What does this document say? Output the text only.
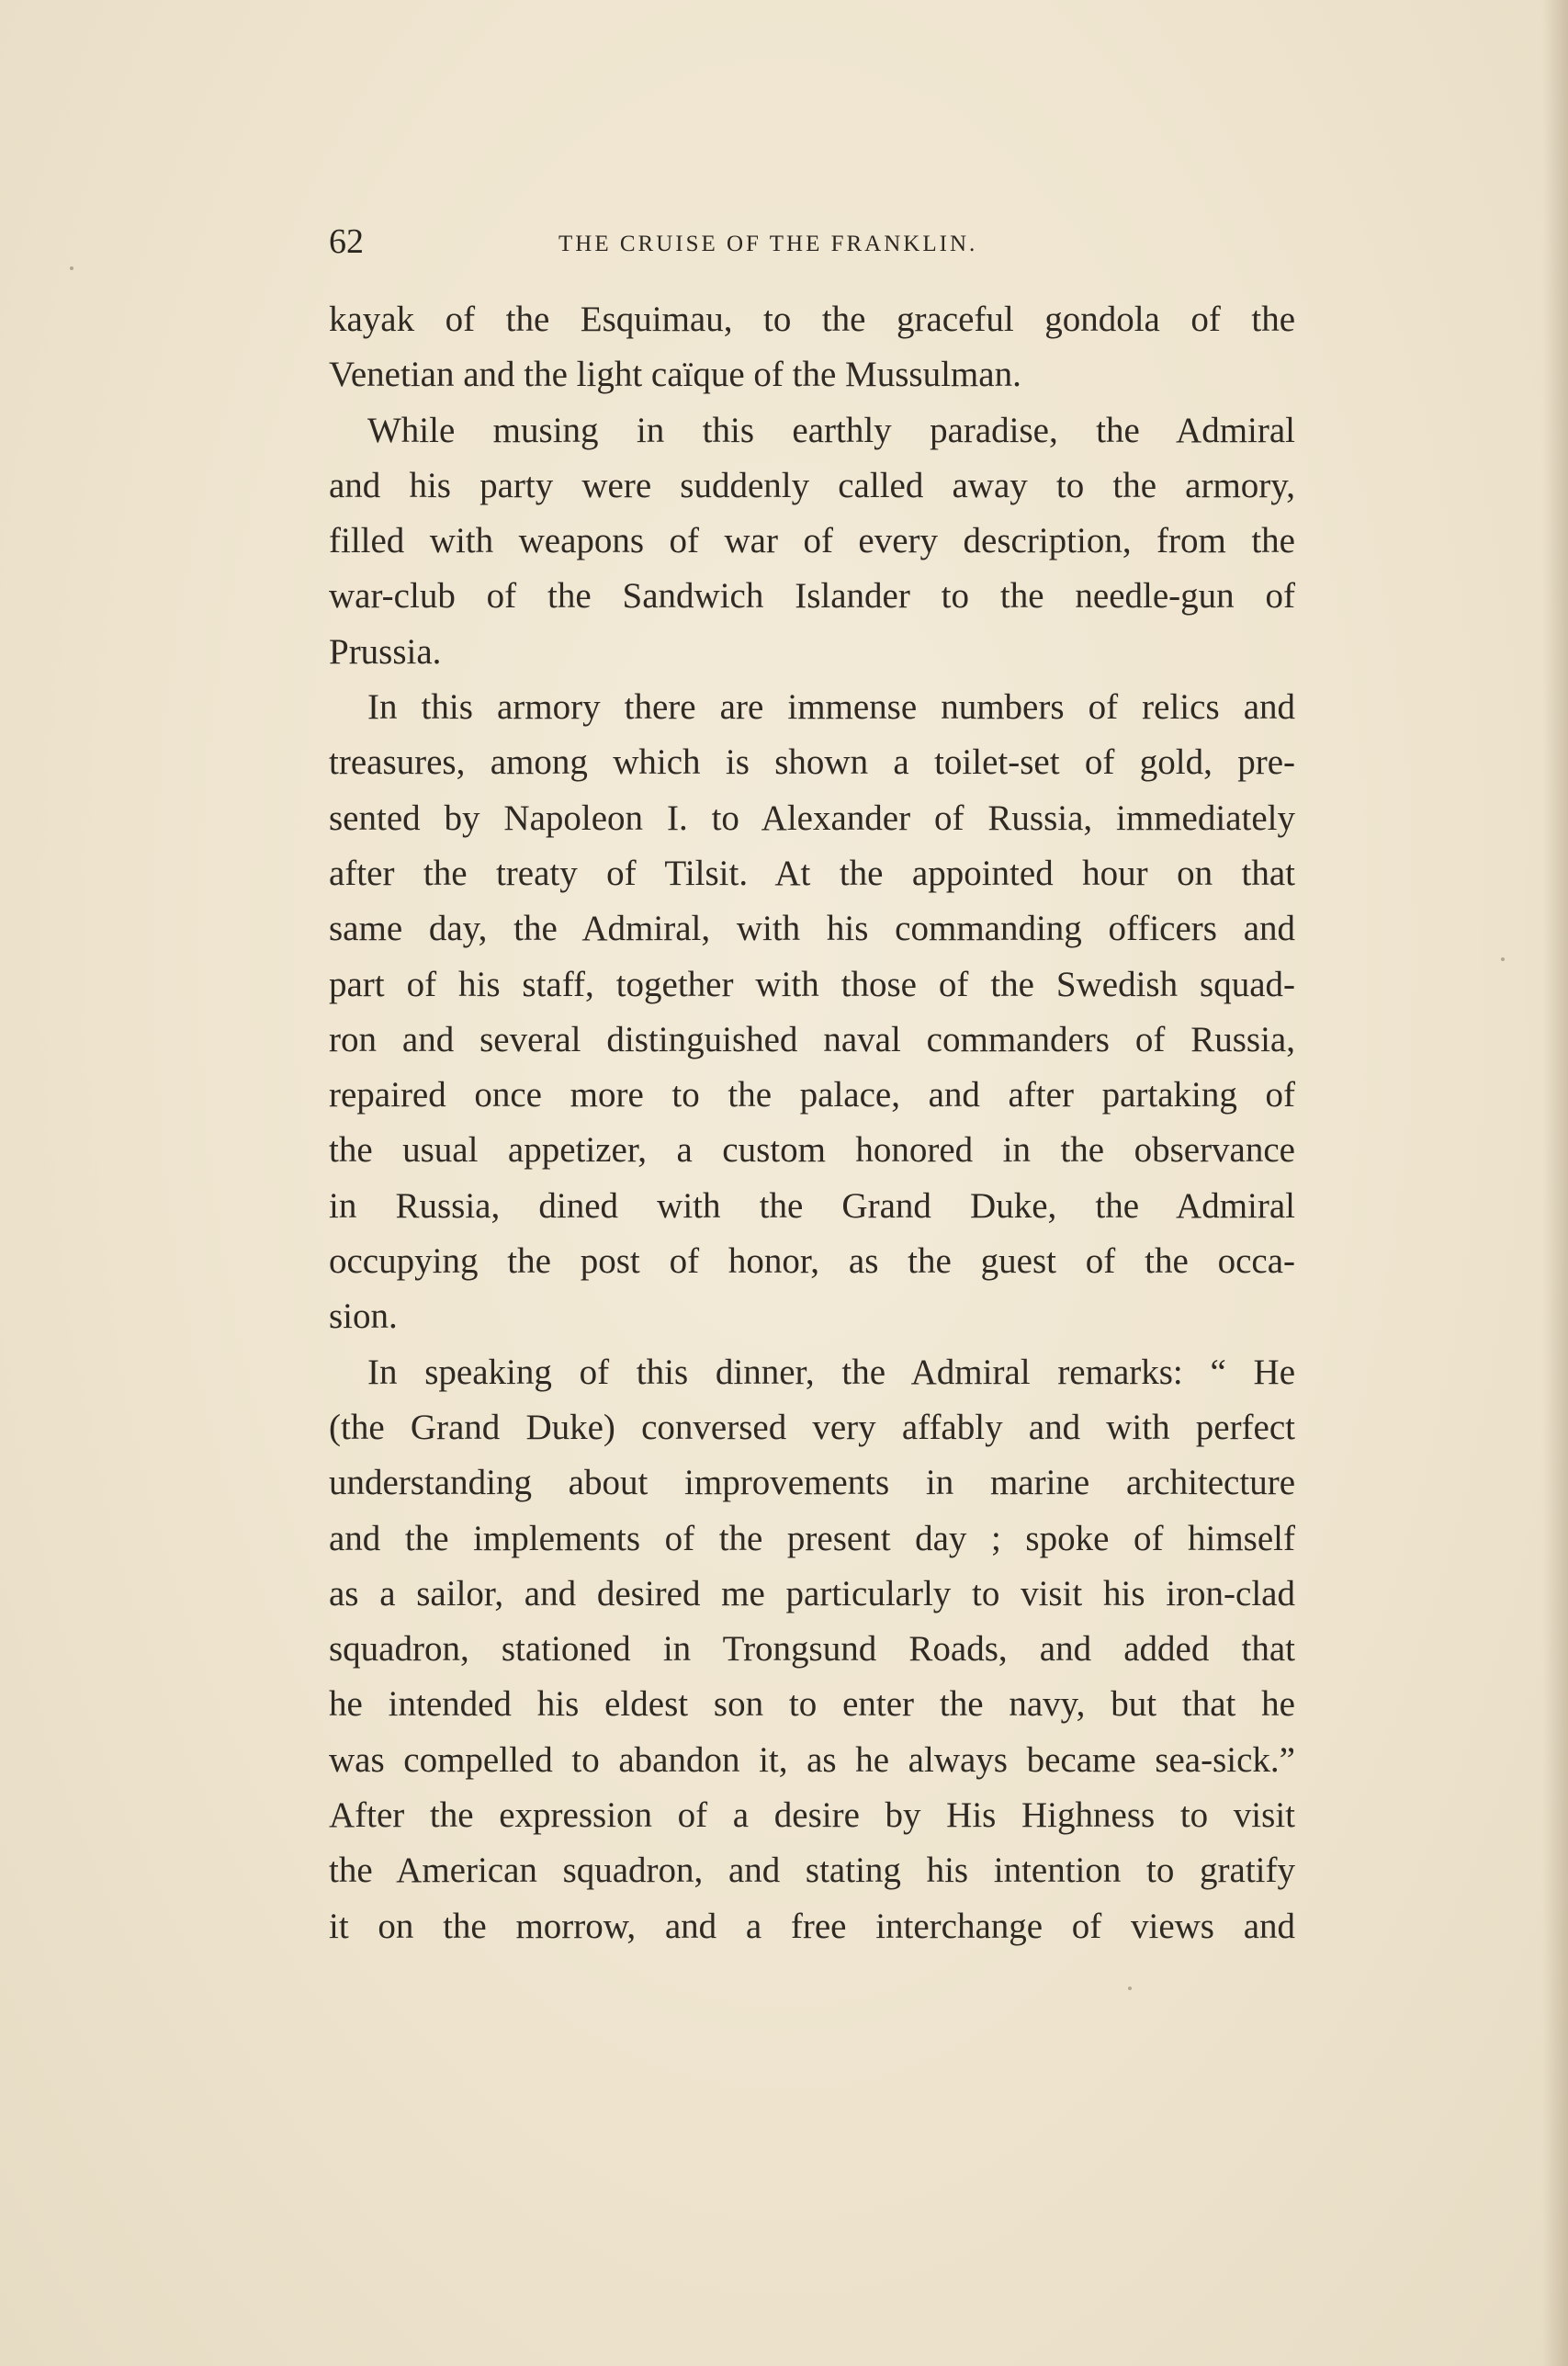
62	THE CRUISE OF THE FRANKLIN.
kayak of the Esquimau, to the graceful gondola of the
Venetian and the light caïque of the Mussulman.
While musing in this earthly paradise, the Admiral
and his party were suddenly called away to the armory,
filled with weapons of war of every description, from the
war-club of the Sandwich Islander to the needle-gun of
Prussia.
In this armory there are immense numbers of relics and
treasures, among which is shown a toilet-set of gold, pre-
sented by Napoleon I. to Alexander of Russia, immediately
after the treaty of Tilsit. At the appointed hour on that
same day, the Admiral, with his commanding officers and
part of his staff, together with those of the Swedish squad-
ron and several distinguished naval commanders of Russia,
repaired once more to the palace, and after partaking of
the usual appetizer, a custom honored in the observance
in Russia, dined with the Grand Duke, the Admiral
occupying the post of honor, as the guest of the occa-
sion.
In speaking of this dinner, the Admiral remarks: “ He
(the Grand Duke) conversed very affably and with perfect
understanding about improvements in marine architecture
and the implements of the present day ; spoke of himself
as a sailor, and desired me particularly to visit his iron-clad
squadron, stationed in Trongsund Roads, and added that
he intended his eldest son to enter the navy, but that he
was compelled to abandon it, as he always became sea-sick.”
After the expression of a desire by His Highness to visit
the American squadron, and stating his intention to gratify
it on the morrow, and a free interchange of views and
